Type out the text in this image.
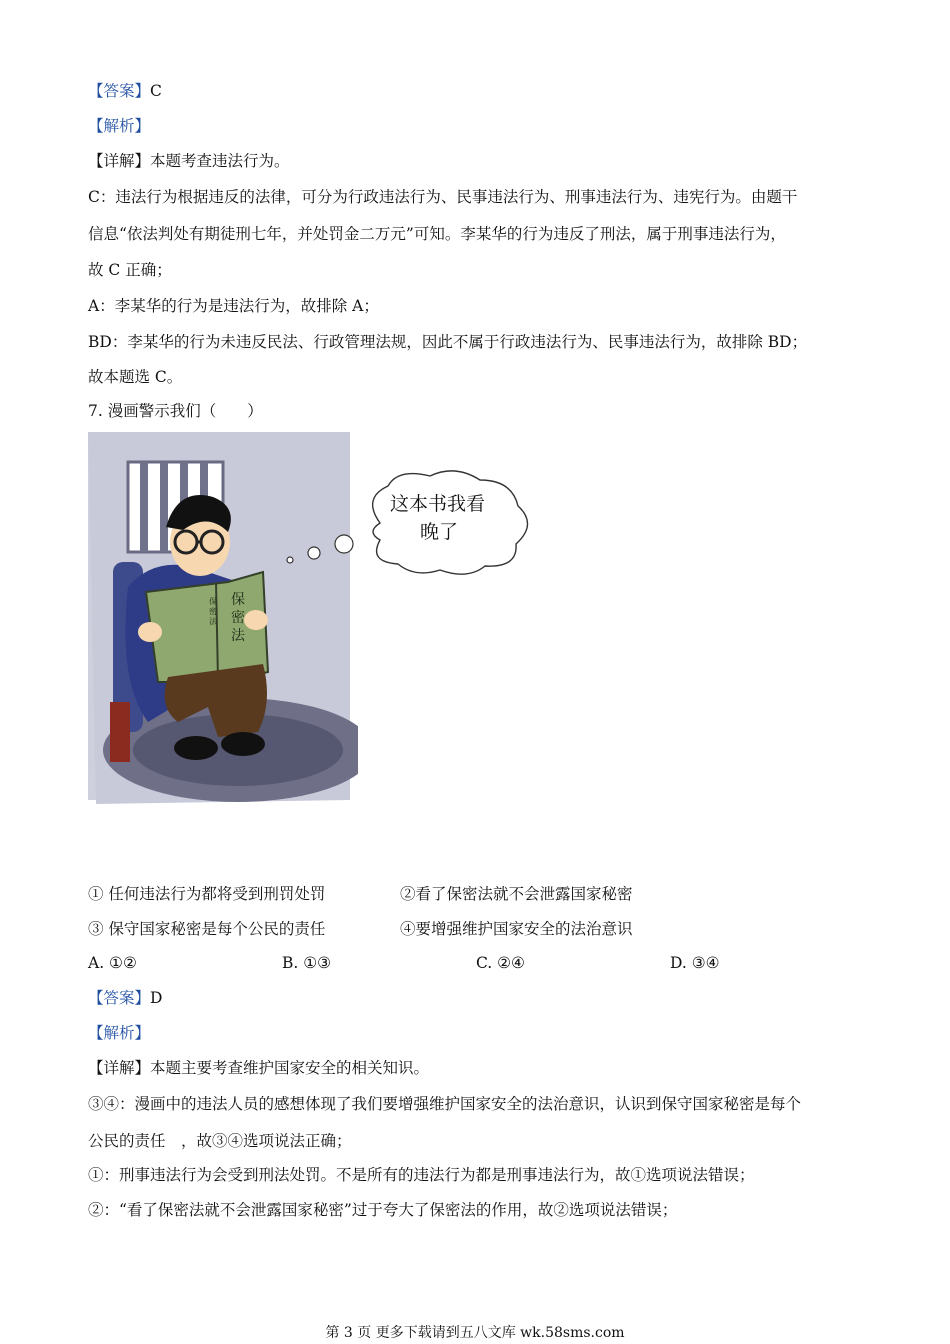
【答案】C
【解析】
【详解】本题考查违法行为。
C：违法行为根据违反的法律，可分为行政违法行为、民事违法行为、刑事违法行为、违宪行为。由题干
信息“依法判处有期徒刑七年，并处罚金二万元”可知。李某华的行为违反了刑法，属于刑事违法行为，
故 C 正确；
A：李某华的行为是违法行为，故排除 A；
BD：李某华的行为未违反民法、行政管理法规，因此不属于行政违法行为、民事违法行为，故排除 BD；
故本题选 C。
7. 漫画警示我们（　　）
保
密
法
保
密
法
这本书我看
晚了
① 任何违法行为都将受到刑罚处罚	②看了保密法就不会泄露国家秘密
③ 保守国家秘密是每个公民的责任	④要增强维护国家安全的法治意识
A. ①②	B. ①③	C. ②④	D. ③④
【答案】D
【解析】
【详解】本题主要考查维护国家安全的相关知识。
③④：漫画中的违法人员的感想体现了我们要增强维护国家安全的法治意识，认识到保守国家秘密是每个
公民的责任　，故③④选项说法正确；
①：刑事违法行为会受到刑法处罚。不是所有的违法行为都是刑事违法行为，故①选项说法错误；
②：“看了保密法就不会泄露国家秘密”过于夸大了保密法的作用，故②选项说法错误；
第 3 页 更多下载请到五八文库 wk.58sms.com
